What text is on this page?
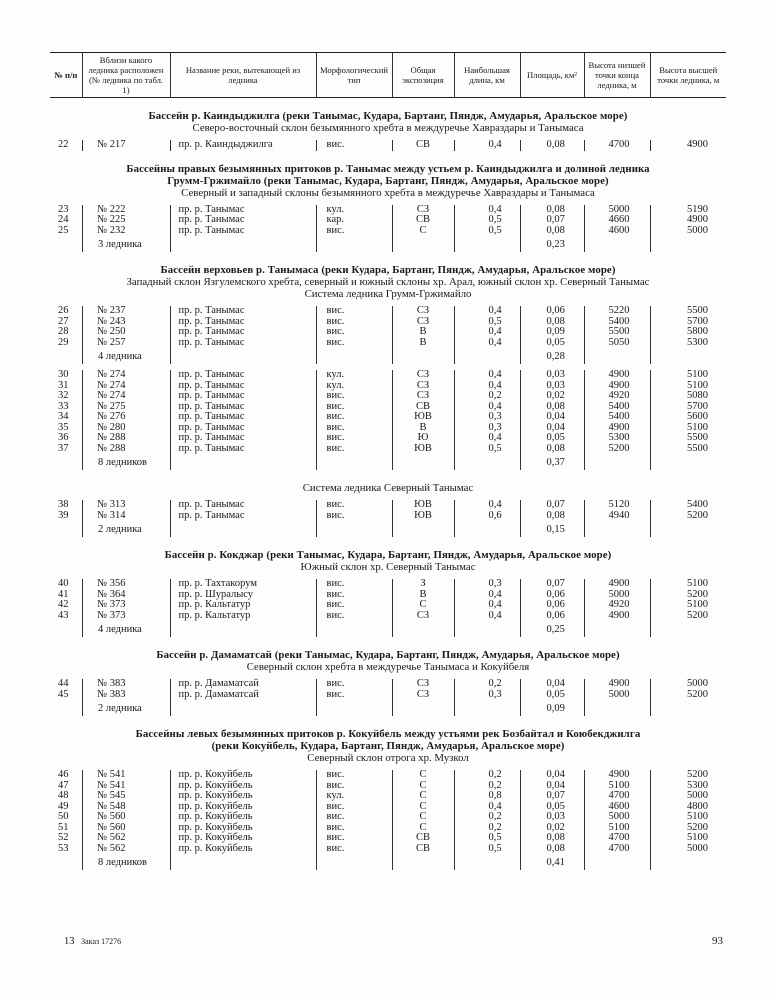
№ п/п	Вблизи какого ледника расположен (№ ледника по табл. 1)	Название реки, вытекающей из ледника	Морфологический тип	Общая экспозиция	Наибольшая длина, км	Площадь, км²	Высота низшей точки конца ледника, м	Высота высшей точки ледника, м
Бассейн р. Каиндыджилга (реки Танымас, Кудара, Бартанг, Пяндж, Амударья, Аральское море)
Северо-восточный склон безымянного хребта в междуречье Хавраздары и Танымаса
22	№ 217	пр. р. Каиндыджилга	вис.	СВ	0,4	0,08	4700	4900
Бассейны правых безымянных притоков р. Танымас между устьем р. Каиндыджилга и долиной ледника
Грумм-Гржимайло (реки Танымас, Кудара, Бартанг, Пяндж, Амударья, Аральское море)
Северный и западный склоны безымянного хребта в междуречье Хавраздары и Танымаса
23	№ 222	пр. р. Танымас	кул.	СЗ	0,4	0,08	5000	5190
24	№ 225	пр. р. Танымас	кар.	СВ	0,5	0,07	4660	4900
25	№ 232	пр. р. Танымас	вис.	С	0,5	0,08	4600	5000
3 ледника						0,23		
Бассейн верховьев р. Танымаса (реки Кудара, Бартанг, Пяндж, Амударья, Аральское море)
Западный склон Язгулемского хребта, северный и южный склоны хр. Арал, южный склон хр. Северный Танымас
Система ледника Грумм-Гржимайло
26	№ 237	пр. р. Танымас	вис.	СЗ	0,4	0,06	5220	5500
27	№ 243	пр. р. Танымас	вис.	СЗ	0,5	0,08	5400	5700
28	№ 250	пр. р. Танымас	вис.	В	0,4	0,09	5500	5800
29	№ 257	пр. р. Танымас	вис.	В	0,4	0,05	5050	5300
4 ледника						0,28		
30	№ 274	пр. р. Танымас	кул.	СЗ	0,4	0,03	4900	5100
31	№ 274	пр. р. Танымас	кул.	СЗ	0,4	0,03	4900	5100
32	№ 274	пр. р. Танымас	вис.	СЗ	0,2	0,02	4920	5080
33	№ 275	пр. р. Танымас	вис.	СВ	0,4	0,08	5400	5700
34	№ 276	пр. р. Танымас	вис.	ЮВ	0,3	0,04	5400	5600
35	№ 280	пр. р. Танымас	вис.	В	0,3	0,04	4900	5100
36	№ 288	пр. р. Танымас	вис.	Ю	0,4	0,05	5300	5500
37	№ 288	пр. р. Танымас	вис.	ЮВ	0,5	0,08	5200	5500
8 ледников						0,37		
Система ледника Северный Танымас
38	№ 313	пр. р. Танымас	вис.	ЮВ	0,4	0,07	5120	5400
39	№ 314	пр. р. Танымас	вис.	ЮВ	0,6	0,08	4940	5200
2 ледника						0,15		
Бассейн р. Кокджар (реки Танымас, Кудара, Бартанг, Пяндж, Амударья, Аральское море)
Южный склон хр. Северный Танымас
40	№ 356	пр. р. Тахтакорум	вис.	З	0,3	0,07	4900	5100
41	№ 364	пр. р. Шуралысу	вис.	В	0,4	0,06	5000	5200
42	№ 373	пр. р. Кальтатур	вис.	С	0,4	0,06	4920	5100
43	№ 373	пр. р. Кальтатур	вис.	СЗ	0,4	0,06	4900	5200
4 ледника						0,25		
Бассейн р. Дамаматсай (реки Танымас, Кудара, Бартанг, Пяндж, Амударья, Аральское море)
Северный склон хребта в междуречье Танымаса и Кокуйбеля
44	№ 383	пр. р. Дамаматсай	вис.	СЗ	0,2	0,04	4900	5000
45	№ 383	пр. р. Дамаматсай	вис.	СЗ	0,3	0,05	5000	5200
2 ледника						0,09		
Бассейны левых безымянных притоков р. Кокуйбель между устьями рек Бозбайтал и Коюбекджилга
(реки Кокуйбель, Кудара, Бартанг, Пяндж, Амударья, Аральское море)
Северный склон отрога хр. Музкол
46	№ 541	пр. р. Кокуйбель	вис.	С	0,2	0,04	4900	5200
47	№ 541	пр. р. Кокуйбель	вис.	С	0,2	0,04	5100	5300
48	№ 545	пр. р. Кокуйбель	кул.	С	0,8	0,07	4700	5000
49	№ 548	пр. р. Кокуйбель	вис.	С	0,4	0,05	4600	4800
50	№ 560	пр. р. Кокуйбель	вис.	С	0,2	0,03	5000	5100
51	№ 560	пр. р. Кокуйбель	вис.	С	0,2	0,02	5100	5200
52	№ 562	пр. р. Кокуйбель	вис.	СВ	0,5	0,08	4700	5100
53	№ 562	пр. р. Кокуйбель	вис.	СВ	0,5	0,08	4700	5000
8 ледников						0,41		
13 Заказ 17276	93
